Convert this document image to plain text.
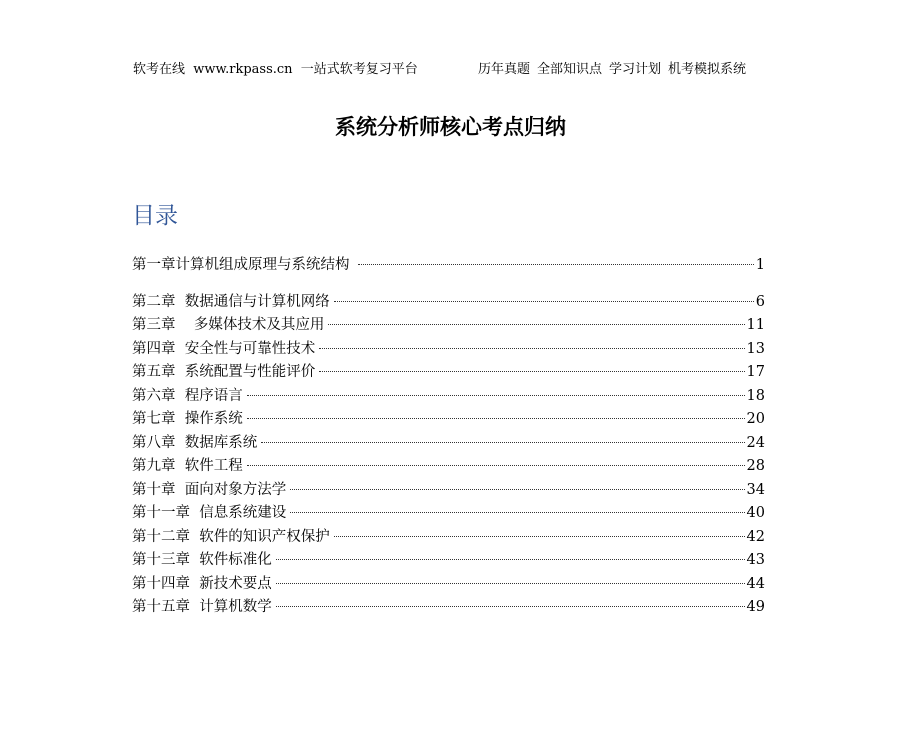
软考在线  www.rkpass.cn  一站式软考复习平台	历年真题 全部知识点 学习计划 机考模拟系统
系统分析师核心考点归纳
目录
第一章计算机组成原理与系统结构	1
第二章  数据通信与计算机网络	6
第三章    多媒体技术及其应用	11
第四章  安全性与可靠性技术	13
第五章  系统配置与性能评价	17
第六章  程序语言	18
第七章  操作系统	20
第八章  数据库系统	24
第九章  软件工程	28
第十章  面向对象方法学	34
第十一章  信息系统建设	40
第十二章  软件的知识产权保护	42
第十三章  软件标准化	43
第十四章  新技术要点	44
第十五章  计算机数学	49
